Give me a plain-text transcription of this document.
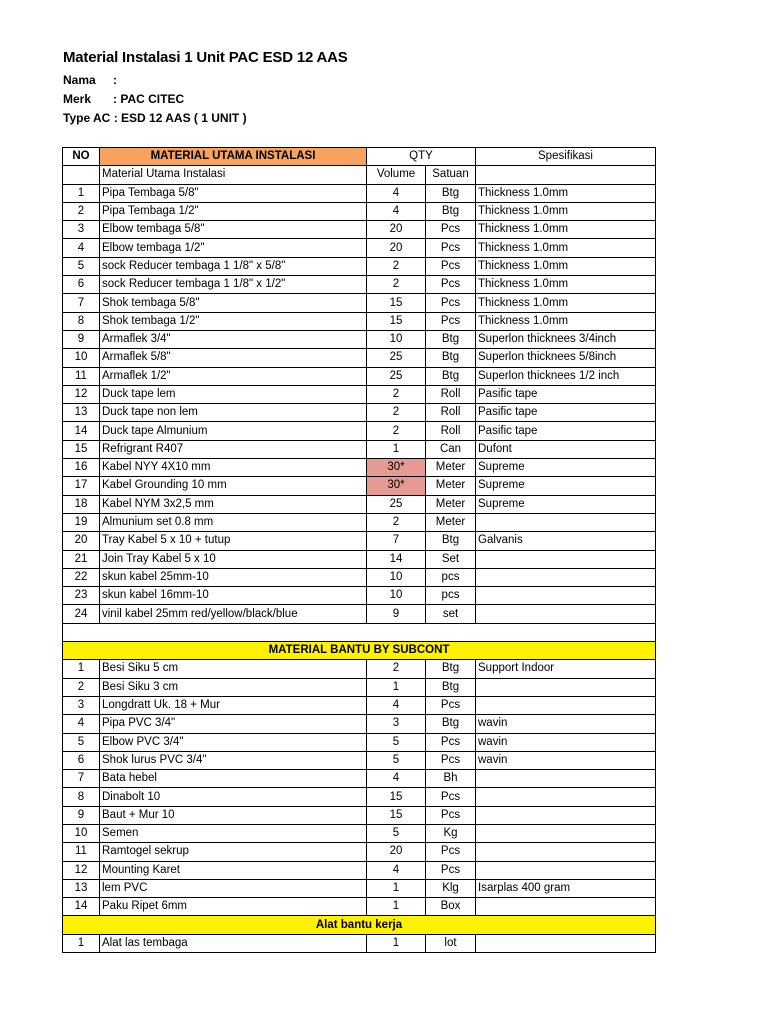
Material Instalasi 1 Unit PAC ESD 12 AAS
Nama :
Merk : PAC CITEC
Type AC : ESD 12 AAS ( 1 UNIT )
NO	MATERIAL UTAMA INSTALASI	QTY		Spesifikasi
	Material Utama Instalasi	Volume	Satuan	
1	Pipa Tembaga 5/8"	4	Btg	Thickness 1.0mm
2	Pipa Tembaga 1/2"	4	Btg	Thickness 1.0mm
3	Elbow tembaga 5/8"	20	Pcs	Thickness 1.0mm
4	Elbow tembaga 1/2"	20	Pcs	Thickness 1.0mm
5	sock Reducer tembaga 1 1/8" x 5/8"	2	Pcs	Thickness 1.0mm
6	sock Reducer tembaga 1 1/8" x 1/2"	2	Pcs	Thickness 1.0mm
7	Shok tembaga 5/8"	15	Pcs	Thickness 1.0mm
8	Shok tembaga 1/2"	15	Pcs	Thickness 1.0mm
9	Armaflek 3/4"	10	Btg	Superlon thicknees 3/4inch
10	Armaflek 5/8"	25	Btg	Superlon thicknees 5/8inch
11	Armaflek 1/2"	25	Btg	Superlon thicknees 1/2 inch
12	Duck tape lem	2	Roll	Pasific tape
13	Duck tape non lem	2	Roll	Pasific tape
14	Duck tape Almunium	2	Roll	Pasific tape
15	Refrigrant R407	1	Can	Dufont
16	Kabel NYY 4X10 mm	30*	Meter	Supreme
17	Kabel Grounding 10 mm	30*	Meter	Supreme
18	Kabel NYM 3x2,5 mm	25	Meter	Supreme
19	Almunium set 0.8 mm	2	Meter	
20	Tray Kabel 5 x 10 + tutup	7	Btg	Galvanis
21	Join Tray Kabel 5 x 10	14	Set	
22	skun kabel 25mm-10	10	pcs	
23	skun kabel 16mm-10	10	pcs	
24	vinil kabel 25mm red/yellow/black/blue	9	set	

MATERIAL BANTU BY SUBCONT				
1	Besi Siku 5 cm	2	Btg	Support Indoor
2	Besi Siku 3 cm	1	Btg	
3	Longdratt Uk. 18 + Mur	4	Pcs	
4	Pipa PVC 3/4"	3	Btg	wavin
5	Elbow PVC 3/4"	5	Pcs	wavin
6	Shok lurus PVC 3/4"	5	Pcs	wavin
7	Bata hebel	4	Bh	
8	Dinabolt 10	15	Pcs	
9	Baut + Mur 10	15	Pcs	
10	Semen	5	Kg	
11	Ramtogel sekrup	20	Pcs	
12	Mounting Karet	4	Pcs	
13	lem PVC	1	Klg	Isarplas 400 gram
14	Paku Ripet 6mm	1	Box	
Alat bantu kerja				
1	Alat las tembaga	1	lot	
